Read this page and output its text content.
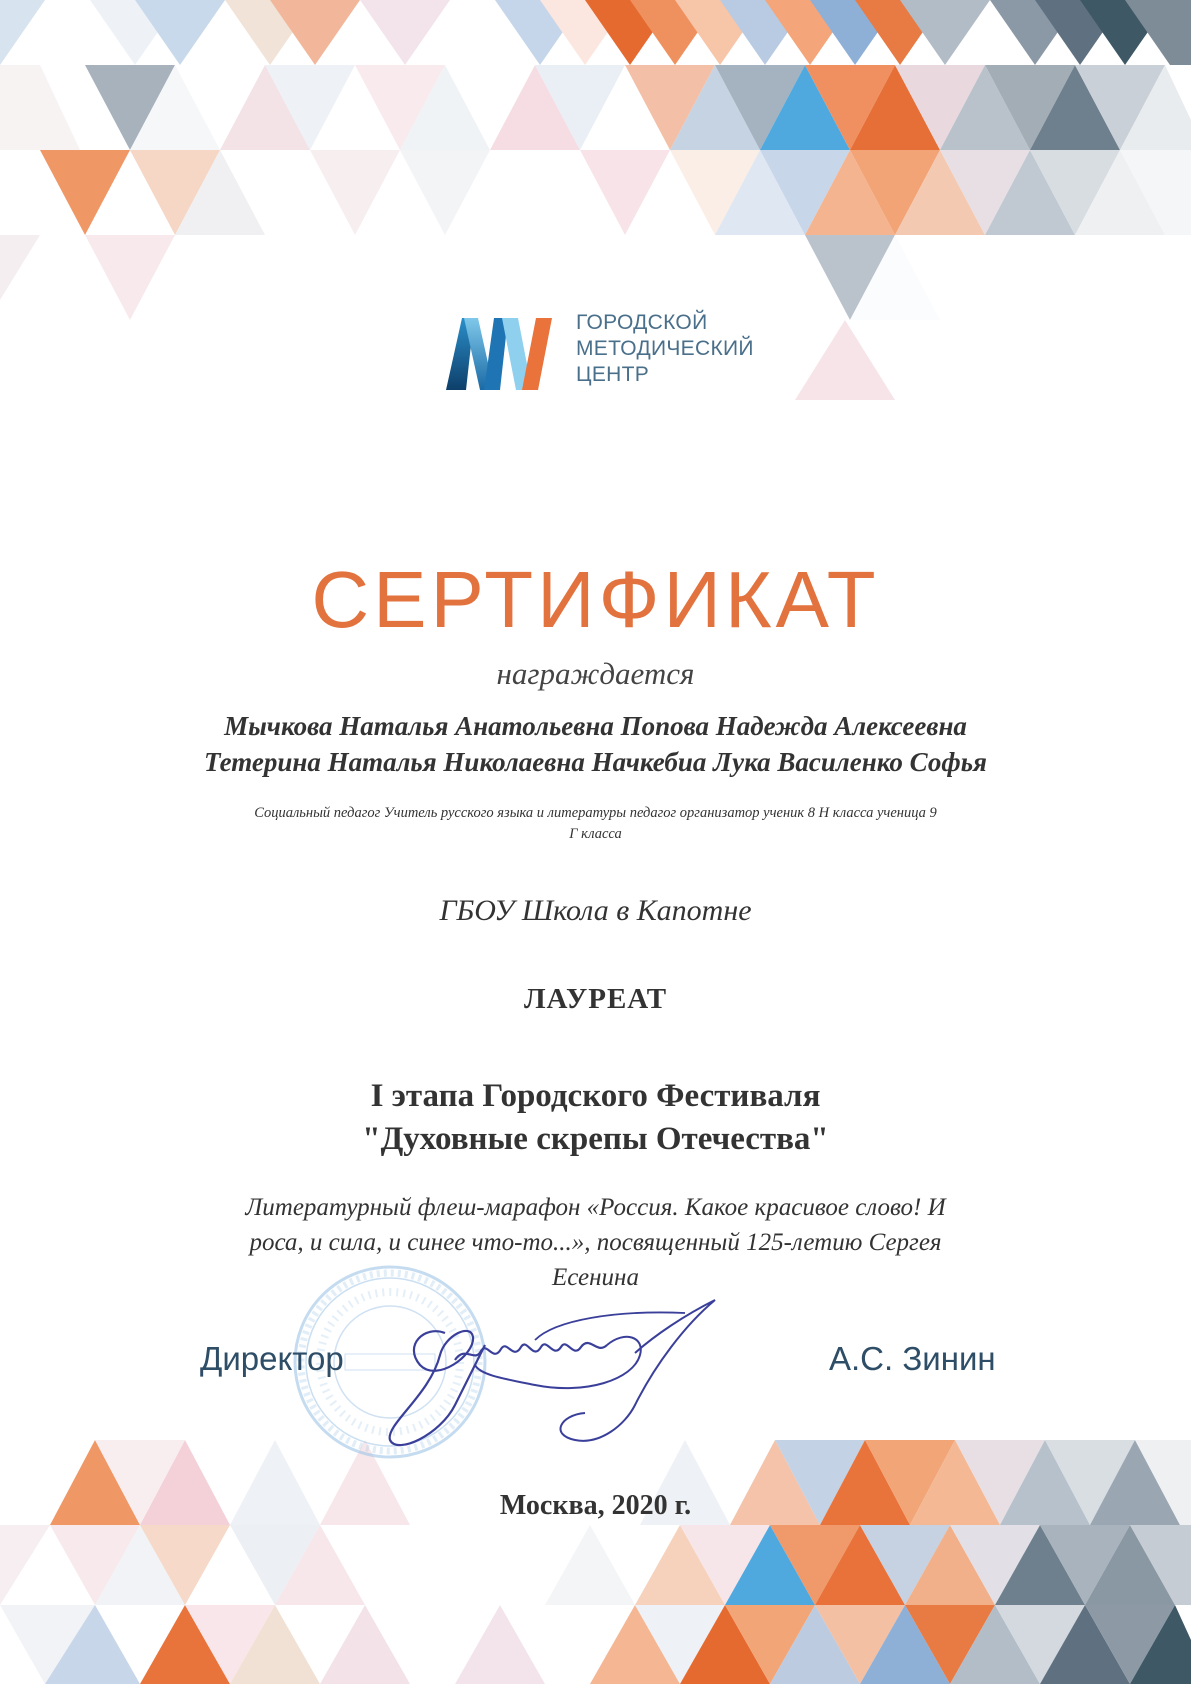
ГОРОДСКОЙ
МЕТОДИЧЕСКИЙ
ЦЕНТР
СЕРТИФИКАТ
награждается
Мычкова Наталья Анатольевна Попова Надежда Алексеевна
Тетерина Наталья Николаевна Начкебиа Лука Василенко Софья
Социальный педагог Учитель русского языка и литературы педагог организатор ученик 8 Н класса ученица 9
Г класса
ГБОУ Школа в Капотне
ЛАУРЕАТ
I этапа Городского Фестиваля
"Духовные скрепы Отечества"
Литературный флеш-марафон «Россия. Какое красивое слово! И
роса, и сила, и синее что-то...», посвященный 125-летию Сергея
Есенина
Директор	А.С. Зинин
Москва, 2020 г.
